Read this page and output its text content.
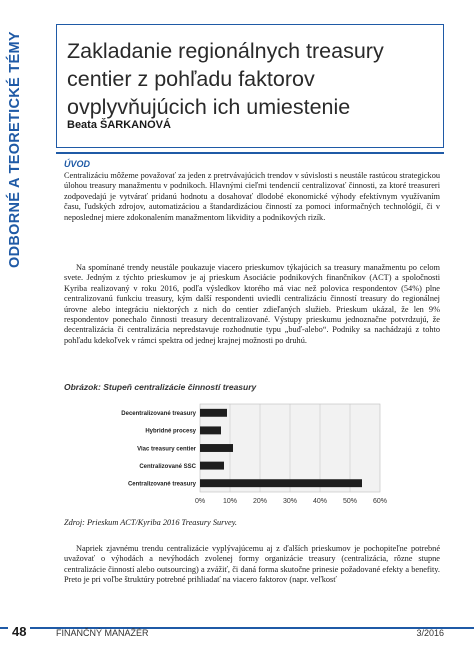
ODBORNÉ A TEORETICKÉ TÉMY Zakladanie regionálnych treasury centier z pohľadu faktorov ovplyvňujúcich ich umiestenie
Beata ŠARKANOVÁ
ÚVOD
Centralizáciu môžeme považovať za jeden z pretrvávajúcich trendov v súvislosti s neustále rastúcou strategickou úlohou treasury manažmentu v podnikoch. Hlavnými cieľmi tendencií centralizovať činnosti, za ktoré treasureri zodpovedajú je vytvárať pridanú hodnotu a dosahovať dlodobé ekonomické výhody efektívnym využívaním času, ľudských zdrojov, automatizáciou a štandardizáciou činností za pomoci informačných technológií, či v neposlednej miere zdokonalením manažmentom likvidity a podnikových rizík.
Na spomínané trendy neustále poukazuje viacero prieskumov týkajúcich sa treasury manažmentu po celom svete. Jedným z týchto prieskumov je aj prieskum Asociácie podnikových finančníkov (ACT) a spoločnosti Kyriba realizovaný v roku 2016, podľa výsledkov ktorého má viac než polovica respondentov (54%) plne centralizovanú funkciu treasury, kým další respondenti uviedli centralizáciu činností treasury do regionálnej úrovne alebo integráciu niektorých z nich do centier zdieľaných služieb. Prieskum ukázal, že len 9% respondentov ponechalo činnosti treasury decentralizované. Výstupy prieskumu jednoznačne potvrdzujú, že decentralizácia či centralizácia nepredstavuje rozhodnutie typu „buď-alebo“. Podniky sa nachádzajú z tohto pohľadu kdekoľvek v rámci spektra od jednej krajnej možnosti po druhú.
Obrázok: Stupeň centralizácie činností treasury
0%	10% 20% 30% 40% 50% 60%
Decentralizované treasury
Hybridné procesy
Viac treasury centier
Centralizované SSC
Centralizované treasury
Zdroj: Prieskum ACT/Kyriba 2016 Treasury Survey.
Napriek zjavnému trendu centralizácie vyplývajúcemu aj z ďalších prieskumov je pochopiteľne potrebné uvažovať o výhodách a nevýhodách zvolenej formy organizácie treasury (centralizácia, rôzne stupne centralizácie činností alebo outsourcing) a zvážiť, či daná forma skutočne prinesie požadované efekty a benefity. Preto je pri voľbe štruktúry potrebné prihliadať na viacero faktorov (napr. veľkosť
48	FINANČNÝ MANAŽÉR	3/2016
